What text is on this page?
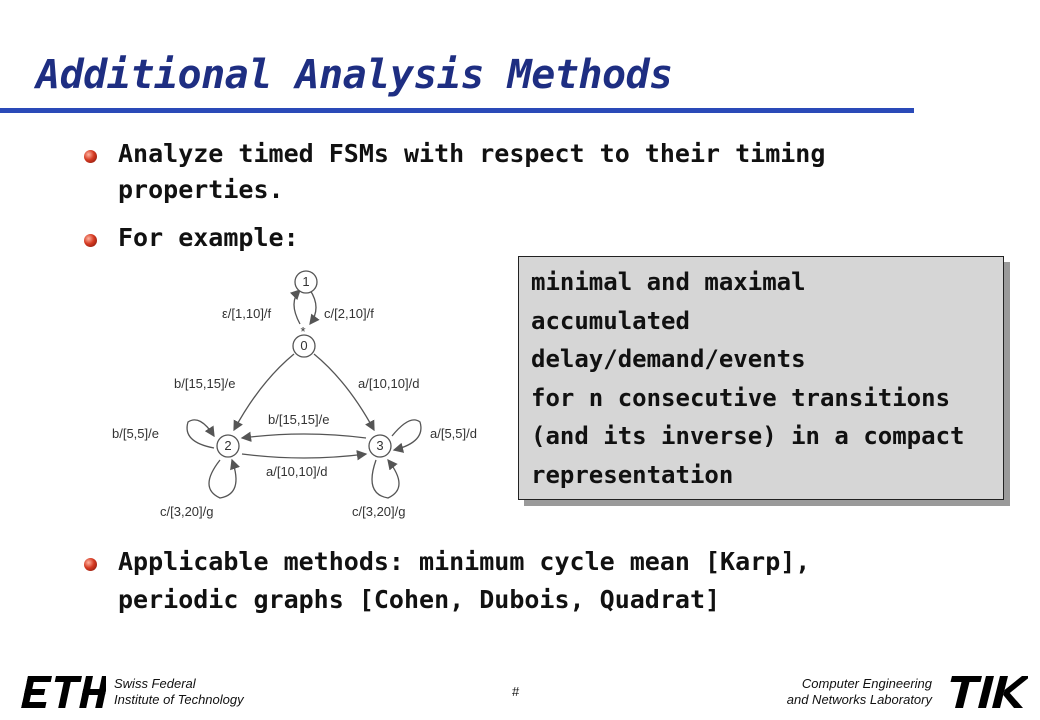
Additional Analysis Methods
Analyze timed FSMs with respect to their timing
properties.
For example:
1
0
*
2	3
ε/[1,10]/f	c/[2,10]/f
b/[15,15]/e	a/[10,10]/d
b/[15,15]/e
a/[10,10]/d
b/[5,5]/e	a/[5,5]/d
c/[3,20]/g	c/[3,20]/g
minimal and maximal
accumulated
delay/demand/events
for n consecutive transitions
(and its inverse) in a compact
representation
Applicable methods: minimum cycle mean [Karp],
periodic graphs [Cohen, Dubois, Quadrat]
Swiss Federal
Institute of Technology
#
Computer Engineering
and Networks Laboratory
